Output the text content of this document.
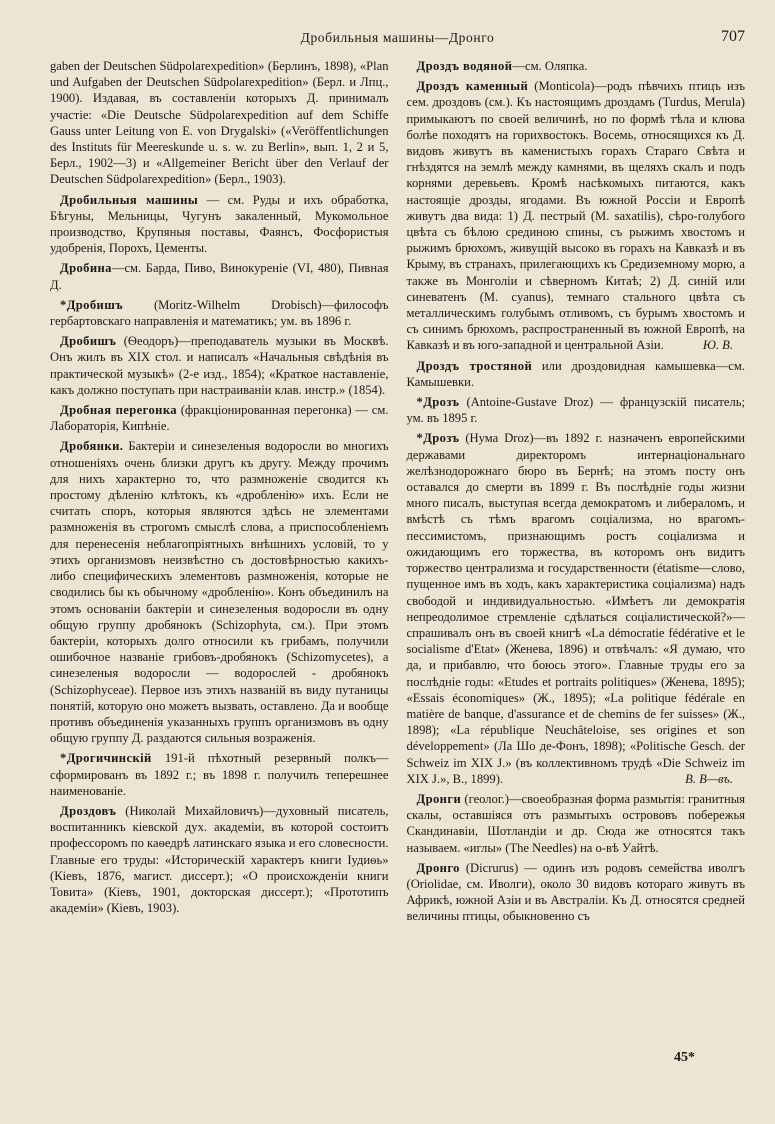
Дробильныя машины—Дронго	707

gaben der Deutschen Südpolarexpedition» (Берлинъ, 1898), «Plan und Aufgaben der Deutschen Südpolarexpedition» (Берл. и Лпц., 1900). Издавая, въ составленіи которыхъ Д. принималъ участіе: «Die Deutsche Südpolarexpedition auf dem Schiffe Gauss unter Leitung von E. von Drygalski» («Veröffentlichungen des Instituts für Meereskunde u. s. w. zu Berlin», вып. 1, 2 и 5, Берл., 1902—3) и «Allgemeiner Bericht über den Verlauf der Deutschen Südpolarexpedition» (Берл., 1903).

Дробильныя машины — см. Руды и ихъ обработка, Бѣгуны, Мельницы, Чугунъ закаленный, Мукомольное производство, Крупяныя поставы, Фаянсъ, Фосфористыя удобренія, Порохъ, Цементы.

Дробина—см. Барда, Пиво, Винокуреніе (VI, 480), Пивная Д.

*Дробишъ (Moritz-Wilhelm Drobisch)—философъ гербартовскаго направленія и математикъ; ум. въ 1896 г.

Дробишъ (Ѳеодоръ)—преподаватель музыки въ Москвѣ. Онъ жилъ въ XIX стол. и написалъ «Начальныя свѣдѣнія въ практической музыкѣ» (2-е изд., 1854); «Краткое наставленіе, какъ должно поступать при настраиваніи клав. инстр.» (1854).

Дробная перегонка (фракціонированная перегонка) — см. Лабораторія, Кипѣніе.

Дробянки. Бактеріи и синезеленыя водоросли во многихъ отношеніяхъ очень близки другъ къ другу. Между прочимъ для нихъ характерно то, что размноженіе сводится къ простому дѣленію клѣтокъ, къ «дробленію» ихъ. Если не считать споръ, которыя являются здѣсь не элементами размноженія въ строгомъ смыслѣ слова, а приспособленіемъ для перенесенія неблагопріятныхъ внѣшнихъ условій, то у этихъ организмовъ неизвѣстно съ достовѣрностью какихъ-либо специфическихъ элементовъ размноженія, которые не сводились бы къ обычному «дробленію». Конъ объединилъ на этомъ основаніи бактеріи и синезеленыя водоросли въ одну общую группу дробянокъ (Schizophyta, см.). При этомъ бактеріи, которыхъ долго относили къ грибамъ, получили ошибочное названіе грибовъ-дробянокъ (Schizomycetes), а синезеленыя водоросли — водорослей - дробянокъ (Schizophyceae). Первое изъ этихъ названій въ виду путаницы понятій, которую оно можетъ вызвать, оставлено. Да и вообще противъ объединенія указанныхъ группъ организмовъ въ одну общую группу Д. раздаются сильныя возраженія.

*Дрогичинскій 191-й пѣхотный резервный полкъ—сформированъ въ 1892 г.; въ 1898 г. получилъ теперешнее наименованіе.

Дроздовъ (Николай Михайловичъ)—духовный писатель, воспитанникъ кіевской дух. академіи, въ которой состоитъ профессоромъ по каѳедрѣ латинскаго языка и его словесности. Главные его труды: «Историческій характеръ книги Іудиѳь» (Кіевъ, 1876, магист. диссерт.); «О происхожденіи книги Товита» (Кіевъ, 1901, докторская диссерт.); «Прототипъ академіи» (Кіевъ, 1903).

Дроздъ водяной—см. Оляпка.

Дроздъ каменный (Monticola)—родъ пѣвчихъ птицъ изъ сем. дроздовъ (см.). Къ настоящимъ дроздамъ (Turdus, Merula) примыкаютъ по своей величинѣ, но по формѣ тѣла и клюва болѣе походятъ на горихвостокъ. Восемь, относящихся къ Д. видовъ живутъ въ каменистыхъ горахъ Стараго Свѣта и гнѣздятся на землѣ между камнями, въ щеляхъ скалъ и подъ корнями деревьевъ. Кромѣ насѣкомыхъ питаются, какъ настоящіе дрозды, ягодами. Въ южной Россіи и Европѣ живутъ два вида: 1) Д. пестрый (M. saxatilis), сѣро-голубого цвѣта съ бѣлою срединою спины, съ рыжимъ хвостомъ и рыжимъ брюхомъ, живущій высоко въ горахъ на Кавказѣ и въ Крыму, въ странахъ, прилегающихъ къ Средиземному морю, а также въ Монголіи и сѣверномъ Китаѣ; 2) Д. синій или синеватенъ (M. cyanus), темнаго стального цвѣта съ металлическимъ голубымъ отливомъ, съ бурымъ хвостомъ и съ синимъ брюхомъ, распространенный въ южной Европѣ, на Кавказѣ и въ юго-западной и центральной Азіи.	Ю. В.

Дроздъ тростяной или дроздовидная камышевка—см. Камышевки.

*Дрозъ (Antoine-Gustave Droz) — французскій писатель; ум. въ 1895 г.

*Дрозъ (Нума Droz)—въ 1892 г. назначенъ европейскими державами директоромъ интернаціональнаго желѣзнодорожнаго бюро въ Бернѣ; на этомъ посту онъ оставался до смерти въ 1899 г. Въ послѣдніе годы жизни много писалъ, выступая всегда демократомъ и либераломъ, и вмѣстѣ съ тѣмъ врагомъ соціализма, но врагомъ-пессимистомъ, признающимъ ростъ соціализма и ожидающимъ его торжества, въ которомъ онъ видитъ торжество централизма и государственности (étatisme—слово, пущенное имъ въ ходъ, какъ характеристика соціализма) надъ свободой и индивидуальностью. «Имѣетъ ли демократія непреодолимое стремленіе сдѣлаться соціалистической?»—спрашивалъ онъ въ своей книгѣ «La démocratie fédérative et le socialisme d'Etat» (Женева, 1896) и отвѣчалъ: «Я думаю, что да, и прибавлю, что боюсь этого». Главные труды его за послѣдніе годы: «Etudes et portraits politiques» (Женева, 1895); «Essais économiques» (Ж., 1895); «La politique fédérale en matière de banque, d'assurance et de chemins de fer suisses» (Ж., 1898); «La république Neuchâteloise, ses origines et son développement» (Ла Шо де-Фонъ, 1898); «Politische Gesch. der Schweiz im XIX J.» (въ коллективномъ трудѣ «Die Schweiz im XIX J.», B., 1899).	В. В—въ.

Дронги (геолог.)—своеобразная форма размытія: гранитныя скалы, оставшіяся отъ размытыхъ острововъ побережья Скандинавіи, Шотландіи и др. Сюда же относятся такъ называем. «иглы» (The Needles) на о-вѣ Уайтѣ.

Дронго (Dicrurus) — одинъ изъ родовъ семейства иволгъ (Oriolidae, см. Иволги), около 30 видовъ котораго живутъ въ Африкѣ, южной Азіи и въ Австраліи. Къ Д. относятся средней величины птицы, обыкновенно съ

45*
